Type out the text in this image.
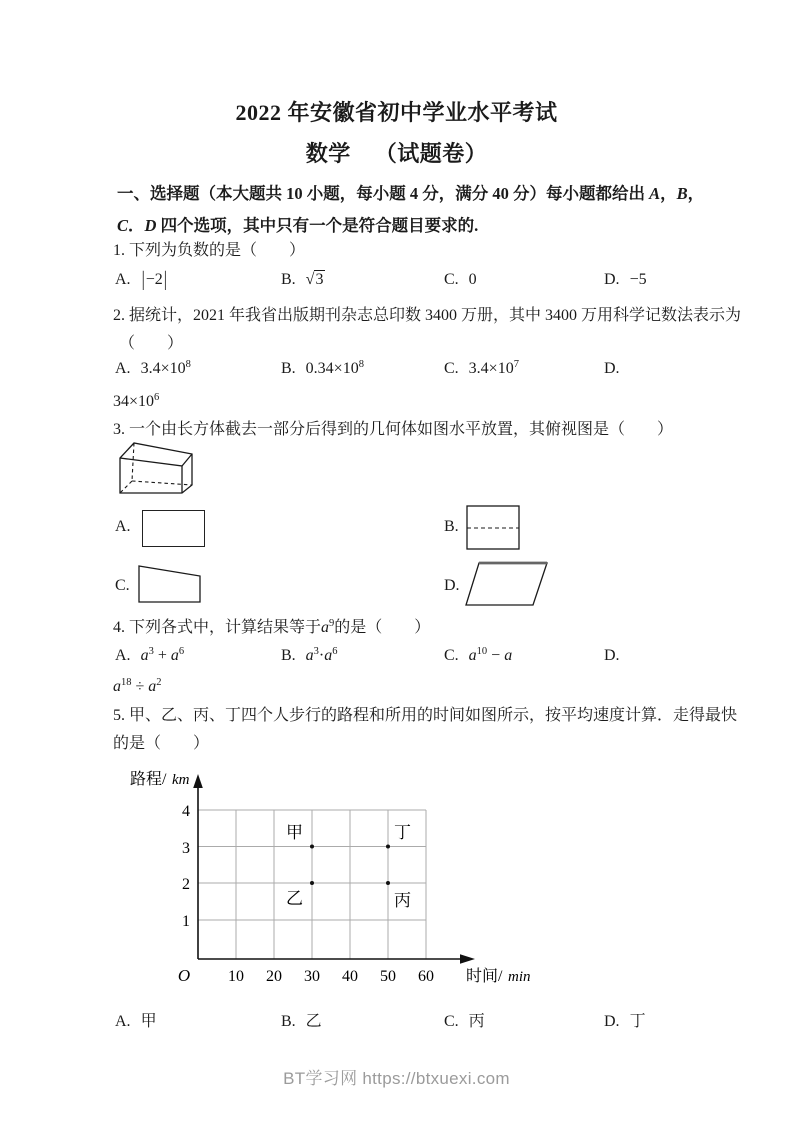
2022 年安徽省初中学业水平考试
数学 （试题卷）
一、选择题（本大题共 10 小题，每小题 4 分，满分 40 分）每小题都给出 A，B，
C．D 四个选项，其中只有一个是符合题目要求的.
1. 下列为负数的是（　　）
A. |−2|	B. √3	C. 0	D. −5
2. 据统计，2021 年我省出版期刊杂志总印数 3400 万册，其中 3400 万用科学记数法表示为
（　　）
A. $3.4\times 10^8$	B. $0.34\times 10^8$	C. $3.4\times 10^7$	D.
$34\times 10^6$
3. 一个由长方体截去一部分后得到的几何体如图水平放置，其俯视图是（　　）
A.	B.
C.	D.
4. 下列各式中，计算结果等于$a^9$的是（　　）
A. $a^3 + a^6$	B. $a^3\cdot a^6$	C. $a^{10} - a$	D.
$a^{18} \div a^2$
5. 甲、乙、丙、丁四个人步行的路程和所用的时间如图所示，按平均速度计算．走得最快
的是（　　）
甲
乙
丁
丙
4
3
2
1
10 20 30 40 50 60
O
路程/ km
时间/ min
A. 甲	B. 乙	C. 丙	D. 丁
BT学习网 https://btxuexi.com
